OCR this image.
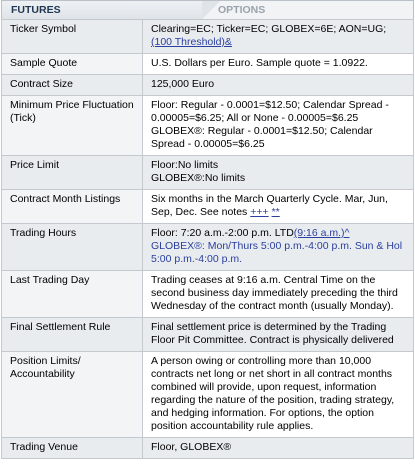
FUTURES	OPTIONS
Ticker Symbol	Clearing=EC; Ticker=EC; GLOBEX=6E; AON=UG; (100 Threshold)&
Sample Quote	U.S. Dollars per Euro. Sample quote = 1.0922.
Contract Size	125,000 Euro
Minimum Price Fluctuation (Tick)	Floor: Regular - 0.0001=$12.50; Calendar Spread - 0.00005=$6.25; All or None - 0.00005=$6.25 GLOBEX®: Regular - 0.0001=$12.50; Calendar Spread - 0.00005=$6.25
Price Limit	Floor:No limits
GLOBEX®:No limits

Contract Month Listings	Six months in the March Quarterly Cycle. Mar, Jun, Sep, Dec. See notes +++ **
Trading Hours	Floor: 7:20 a.m.-2:00 p.m. LTD(9:16 a.m.)^
GLOBEX®: Mon/Thurs 5:00 p.m.-4:00 p.m. Sun & Hol 5:00 p.m.-4:00 p.m.
Last Trading Day	Trading ceases at 9:16 a.m. Central Time on the second business day immediately preceding the third Wednesday of the contract month (usually Monday).
Final Settlement Rule	Final settlement price is determined by the Trading Floor Pit Committee. Contract is physically delivered
Position Limits/ Accountability	A person owing or controlling more than 10,000 contracts net long or net short in all contract months combined will provide, upon request, information regarding the nature of the position, trading strategy, and hedging information. For options, the option position accountability rule applies.
Trading Venue	Floor, GLOBEX®
